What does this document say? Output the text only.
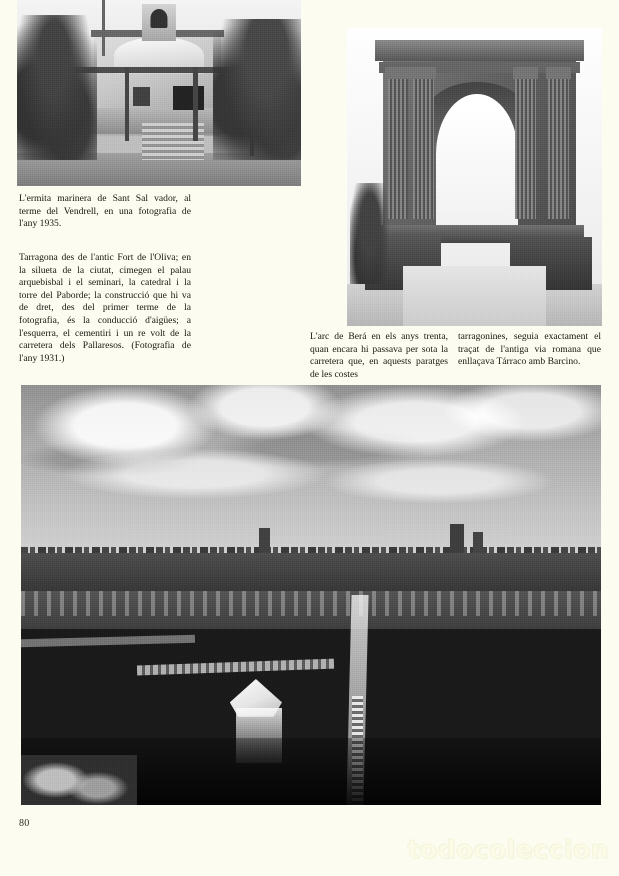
L'ermita marinera de Sant Sal vador, al terme del Vendrell, en una fotografia de l'any 1935.

Tarragona des de l'antic Fort de l'Oliva; en la silueta de la ciutat, cimegen el palau arquebisbal i el seminari, la catedral i la torre del Paborde; la construcció que hi va de dret, des del primer terme de la fotografia, és la conducció d'aigües; a l'esquerra, el cementiri i un re volt de la carretera dels Pallaresos. (Fotografia de l'any 1931.)

L'arc de Berá en els anys trenta, quan encara hi passava per sota la carretera que, en aquests paratges de les costes

tarragonines, seguia exactament el traçat de l'antiga via romana que enllaçava Tárraco amb Barcino.

80
todocoleccion
